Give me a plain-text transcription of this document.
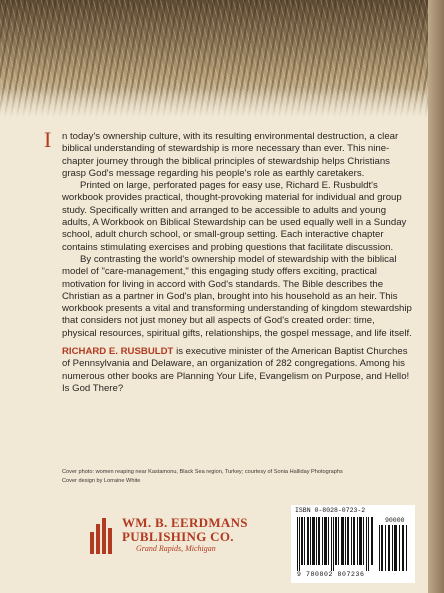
I n today's ownership culture, with its resulting environmental destruction, a clear biblical understanding of stewardship is more necessary than ever. This nine-chapter journey through the biblical principles of stewardship helps Christians grasp God's message regarding his people's role as earthly caretakers.

Printed on large, perforated pages for easy use, Richard E. Rusbuldt's workbook provides practical, thought-provoking material for individual and group study. Specifically written and arranged to be accessible to adults and young adults, A Workbook on Biblical Stewardship can be used equally well in a Sunday school, adult church school, or small-group setting. Each interactive chapter contains stimulating exercises and probing questions that facilitate discussion.

By contrasting the world's ownership model of stewardship with the biblical model of "care-management," this engaging study offers exciting, practical motivation for living in accord with God's standards. The Bible describes the Christian as a partner in God's plan, brought into his household as an heir. This workbook presents a vital and transforming understanding of kingdom stewardship that considers not just money but all aspects of God's created order: time, physical resources, spiritual gifts, relationships, the gospel message, and life itself.

RICHARD E. RUSBULDT is executive minister of the American Baptist Churches of Pennsylvania and Delaware, an organization of 282 congregations. Among his numerous other books are Planning Your Life, Evangelism on Purpose, and Hello! Is God There?

Cover photo: women reaping near Kastamonu, Black Sea region, Turkey; courtesy of Sonia Halliday Photographs
Cover design by Lorraine White
WM. B. EERDMANS
PUBLISHING CO.
Grand Rapids, Michigan
ISBN 0-8028-0723-2
90000
9 780802 807236
